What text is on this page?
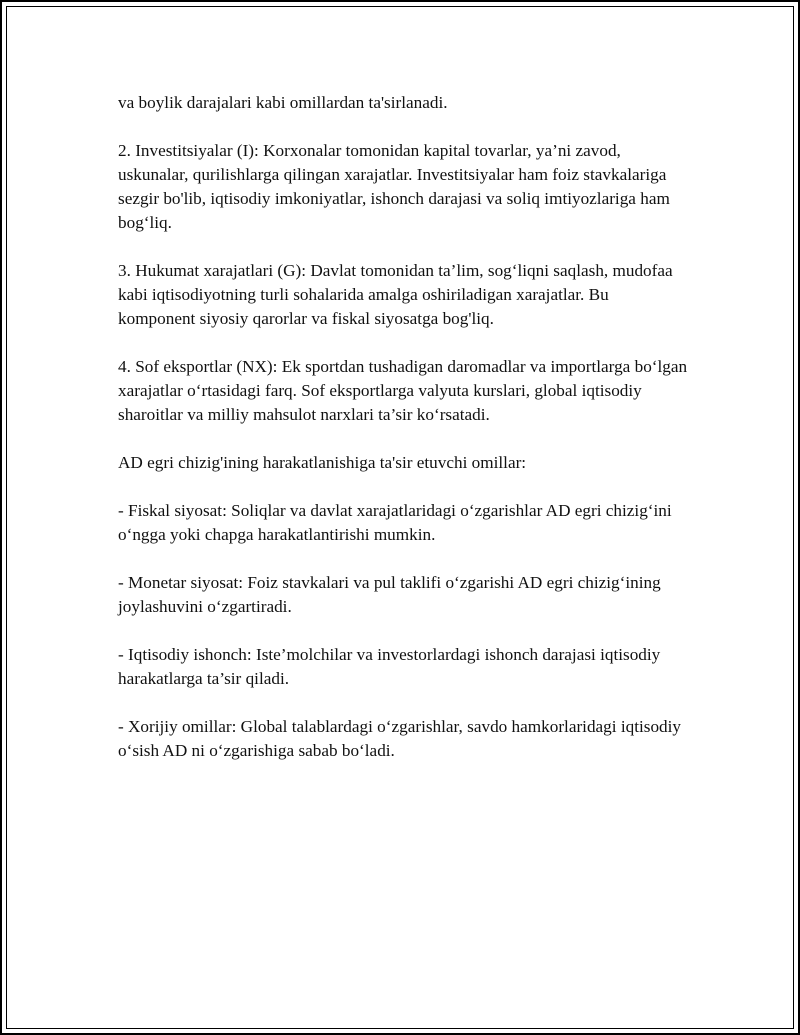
va boylik darajalari kabi omillardan ta'sirlanadi.

2. Investitsiyalar (I): Korxonalar tomonidan kapital tovarlar, ya’ni zavod, uskunalar, qurilishlarga qilingan xarajatlar. Investitsiyalar ham foiz stavkalariga sezgir bo'lib, iqtisodiy imkoniyatlar, ishonch darajasi va soliq imtiyozlariga ham bog‘liq.

3. Hukumat xarajatlari (G): Davlat tomonidan ta’lim, sog‘liqni saqlash, mudofaa kabi iqtisodiyotning turli sohalarida amalga oshiriladigan xarajatlar. Bu komponent siyosiy qarorlar va fiskal siyosatga bog'liq.

4. Sof eksportlar (NX): Ek sportdan tushadigan daromadlar va importlarga bo‘lgan xarajatlar o‘rtasidagi farq. Sof eksportlarga valyuta kurslari, global iqtisodiy sharoitlar va milliy mahsulot narxlari ta’sir ko‘rsatadi.

AD egri chizig'ining harakatlanishiga ta'sir etuvchi omillar:

- Fiskal siyosat: Soliqlar va davlat xarajatlaridagi o‘zgarishlar AD egri chizig‘ini o‘ngga yoki chapga harakatlantirishi mumkin.

- Monetar siyosat: Foiz stavkalari va pul taklifi o‘zgarishi AD egri chizig‘ining joylashuvini o‘zgartiradi.

- Iqtisodiy ishonch: Iste’molchilar va investorlardagi ishonch darajasi iqtisodiy harakatlarga ta’sir qiladi.

- Xorijiy omillar: Global talablardagi o‘zgarishlar, savdo hamkorlaridagi iqtisodiy o‘sish AD ni o‘zgarishiga sabab bo‘ladi.
